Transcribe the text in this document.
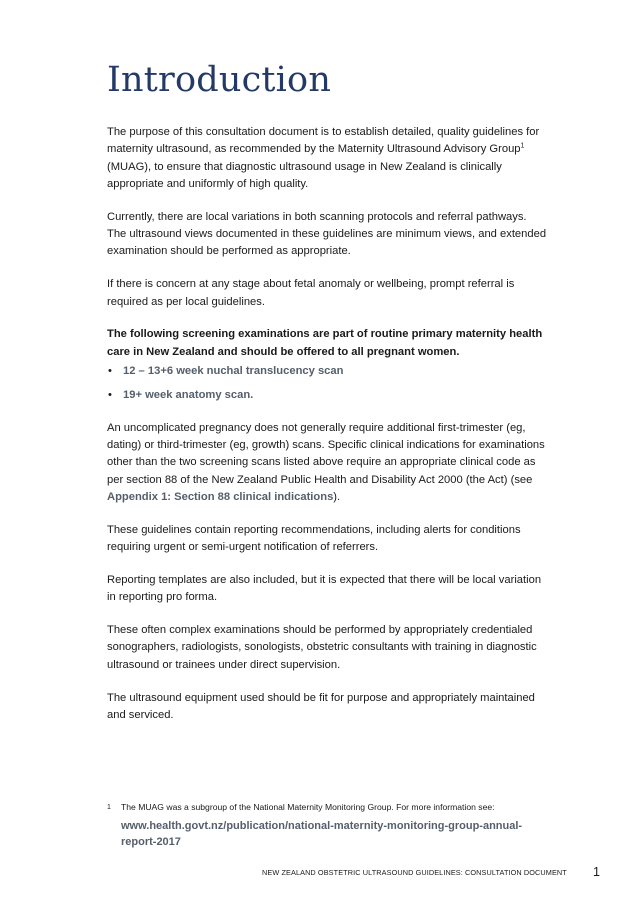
Introduction

The purpose of this consultation document is to establish detailed, quality guidelines for maternity ultrasound, as recommended by the Maternity Ultrasound Advisory Group$^1$ (MUAG), to ensure that diagnostic ultrasound usage in New Zealand is clinically appropriate and uniformly of high quality.

Currently, there are local variations in both scanning protocols and referral pathways. The ultrasound views documented in these guidelines are minimum views, and extended examination should be performed as appropriate.

If there is concern at any stage about fetal anomaly or wellbeing, prompt referral is required as per local guidelines.

The following screening examinations are part of routine primary maternity health care in New Zealand and should be offered to all pregnant women.

• 12 – 13+6 week nuchal translucency scan
• 19+ week anatomy scan.

An uncomplicated pregnancy does not generally require additional first-trimester (eg, dating) or third-trimester (eg, growth) scans. Specific clinical indications for examinations other than the two screening scans listed above require an appropriate clinical code as per section 88 of the New Zealand Public Health and Disability Act 2000 (the Act) (see Appendix 1: Section 88 clinical indications).

These guidelines contain reporting recommendations, including alerts for conditions requiring urgent or semi-urgent notification of referrers.

Reporting templates are also included, but it is expected that there will be local variation in reporting pro forma.

These often complex examinations should be performed by appropriately credentialed sonographers, radiologists, sonologists, obstetric consultants with training in diagnostic ultrasound or trainees under direct supervision.

The ultrasound equipment used should be fit for purpose and appropriately maintained and serviced.

1 The MUAG was a subgroup of the National Maternity Monitoring Group. For more information see:
www.health.govt.nz/publication/national-maternity-monitoring-group-annual-report-2017
NEW ZEALAND OBSTETRIC ULTRASOUND GUIDELINES: CONSULTATION DOCUMENT 1
